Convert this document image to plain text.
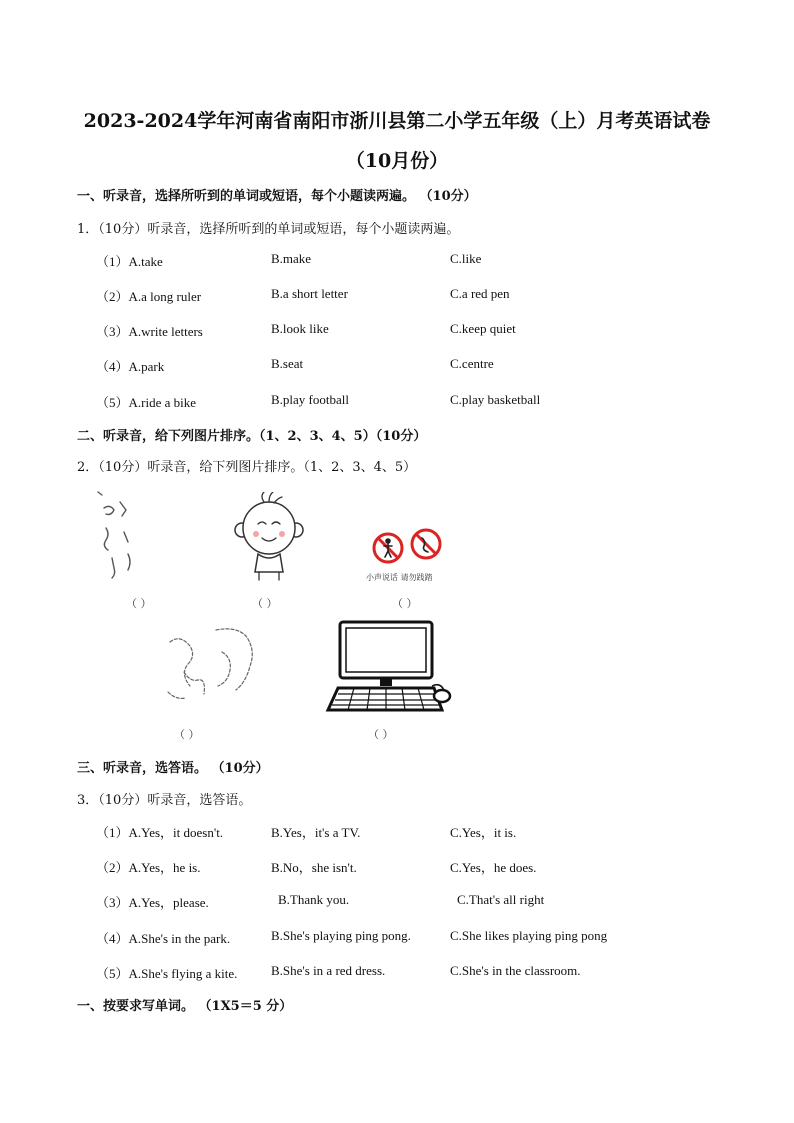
2023-2024学年河南省南阳市浙川县第二小学五年级（上）月考英语试卷
（10月份）
一、听录音，选择所听到的单词或短语，每个小题读两遍。 （10分）
1．（10分）听录音，选择所听到的单词或短语，每个小题读两遍。
（1）A.take	B.make	C.like
（2）A.a long ruler	B.a short letter	C.a red pen
（3）A.write letters	B.look like	C.keep quiet
（4）A.park	B.seat	C.centre
（5）A.ride a bike	B.play football	C.play basketball
二、听录音，给下列图片排序。（1、2、3、4、5）（10分）
2．（10分）听录音，给下列图片排序。（1、2、3、4、5）
小声说话 请勿践踏
（ ）	（ ）	（ ）
（ ）	（ ）
三、听录音，选答语。 （10分）
3．（10分）听录音，选答语。
（1）A.Yes，it doesn't.	B.Yes，it's a TV.	C.Yes，it is.
（2）A.Yes，he is.	B.No，she isn't.	C.Yes，he does.
（3）A.Yes，please.	B.Thank you.	C.That's all right
（4）A.She's in the park.	B.She's playing ping pong.	C.She likes playing ping pong
（5）A.She's flying a kite.	B.She's in a red dress.	C.She's in the classroom.
一、按要求写单词。 （1X5＝5 分）
